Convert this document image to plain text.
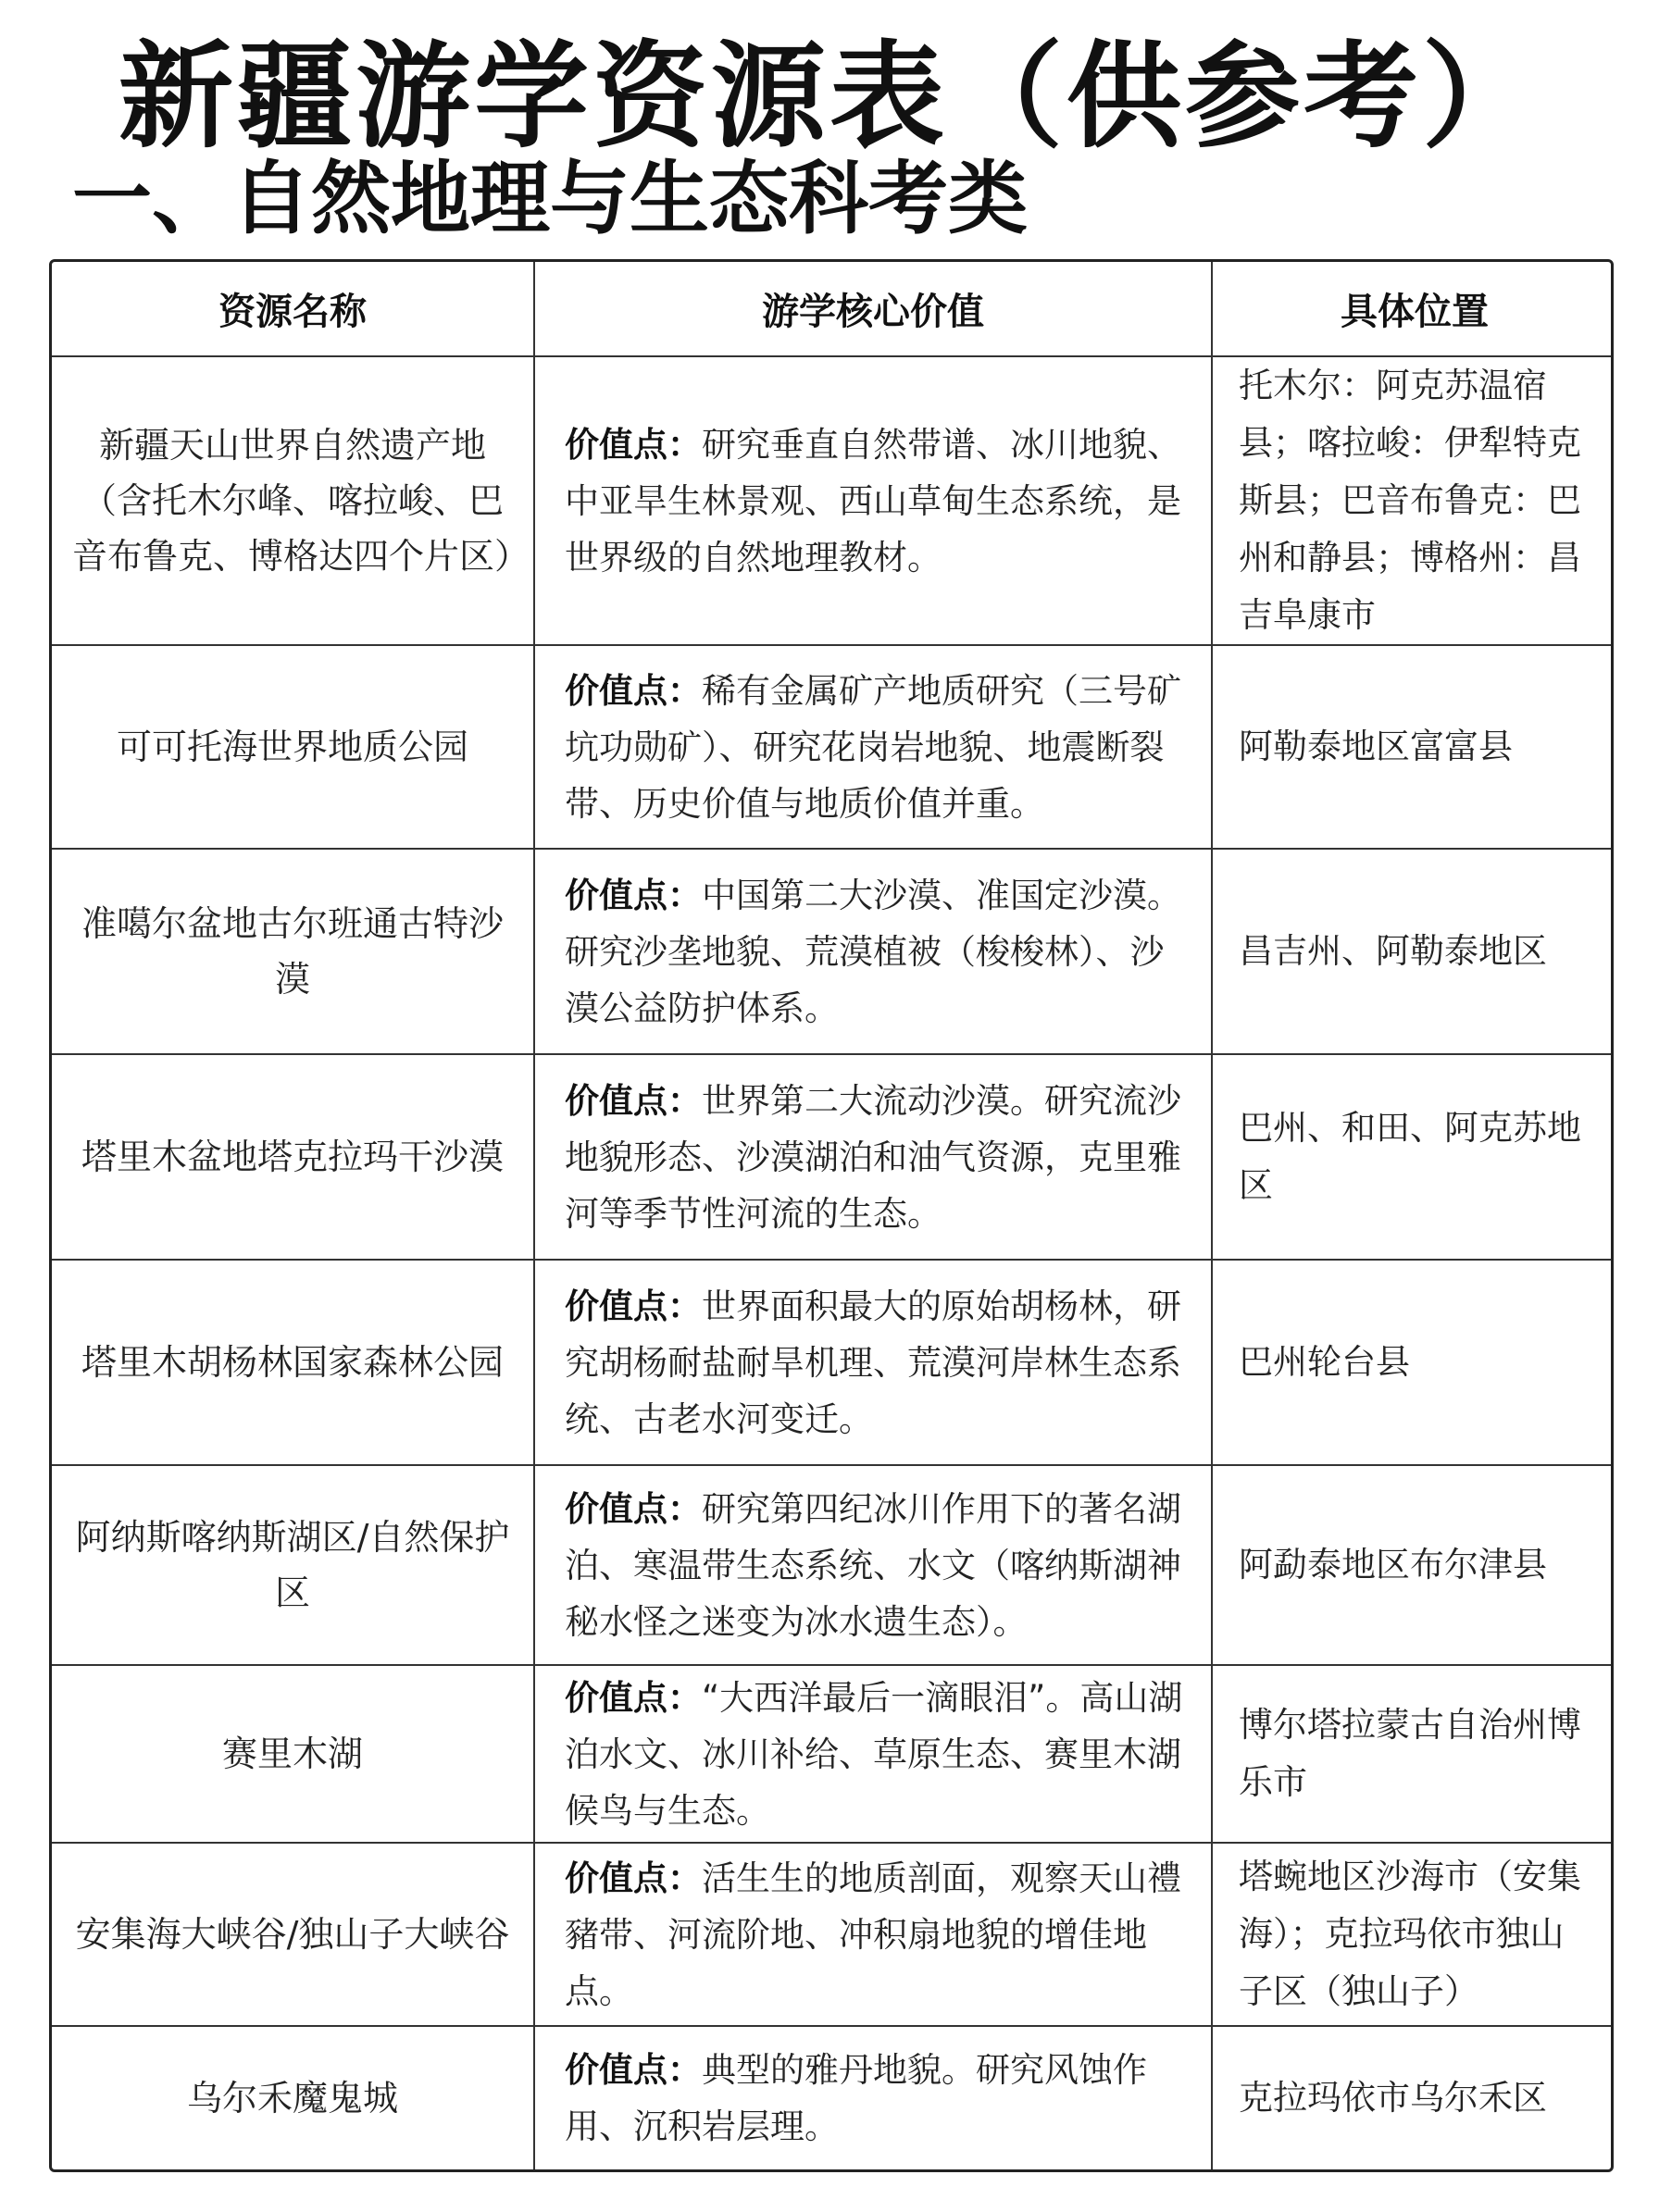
新疆游学资源表（供参考）
一、自然地理与生态科考类
资源名称	游学核心价值	具体位置
新疆天山世界自然遗产地（含托木尔峰、喀拉峻、巴音布鲁克、博格达四个片区）	价值点：研究垂直自然带谱、冰川地貌、中亚旱生林景观、西山草甸生态系统，是世界级的自然地理教材。	托木尔：阿克苏温宿县；喀拉峻：伊犁特克斯县；巴音布鲁克：巴州和静县；博格州：昌吉阜康市
可可托海世界地质公园	价值点：稀有金属矿产地质研究（三号矿坑功勋矿）、研究花岗岩地貌、地震断裂带、历史价值与地质价值并重。	阿勒泰地区富富县
准噶尔盆地古尔班通古特沙漠	价值点：中国第二大沙漠、准国定沙漠。研究沙垄地貌、荒漠植被（梭梭林）、沙漠公益防护体系。	昌吉州、阿勒泰地区
塔里木盆地塔克拉玛干沙漠	价值点：世界第二大流动沙漠。研究流沙地貌形态、沙漠湖泊和油气资源，克里雅河等季节性河流的生态。	巴州、和田、阿克苏地区
塔里木胡杨林国家森林公园	价值点：世界面积最大的原始胡杨林，研究胡杨耐盐耐旱机理、荒漠河岸林生态系统、古老水河变迁。	巴州轮台县
阿纳斯喀纳斯湖区/自然保护区	价值点：研究第四纪冰川作用下的著名湖泊、寒温带生态系统、水文（喀纳斯湖神秘水怪之迷变为冰水遗生态）。	阿勐泰地区布尔津县
赛里木湖	价值点：“大西洋最后一滴眼泪”。高山湖泊水文、冰川补给、草原生态、赛里木湖候鸟与生态。	博尔塔拉蒙古自治州博乐市
安集海大峡谷/独山子大峡谷	价值点：活生生的地质剖面，观察天山禮豬带、河流阶地、冲积扇地貌的增佳地点。	塔蜿地区沙海市（安集海）；克拉玛依市独山子区（独山子）
乌尔禾魔鬼城	价值点：典型的雅丹地貌。研究风蚀作用、沉积岩层理。	克拉玛依市乌尔禾区
